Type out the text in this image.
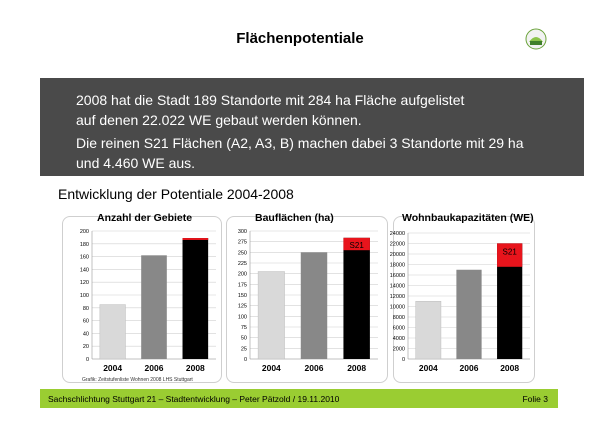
Flächenpotentiale
2008 hat die Stadt 189 Standorte mit 284 ha Fläche aufgelistet
auf denen 22.022 WE gebaut werden können.
Die reinen S21 Flächen (A2, A3, B) machen dabei 3 Standorte mit 29 ha
und 4.460 WE aus.
Entwicklung der Potentiale 2004-2008
Anzahl der Gebiete	Bauflächen (ha)	Wohnbaukapazitäten (WE)
0
20
40
60
80
100
120
140
160
180
200
2004	2006	2008
0
25
50
75
100
125
150
175
200
225
250
275
300
2004	2006
S21
2008
0
2000
4000
6000
8000
10000
12000
14000
16000
18000
20000
22000
24000
2004	2006
S21
2008
Grafik: Zeitstufenliste Wohnen 2008 LHS Stuttgart
Sachschlichtung Stuttgart 21 – Stadtentwicklung – Peter Pätzold / 19.11.2010	Folie 3
